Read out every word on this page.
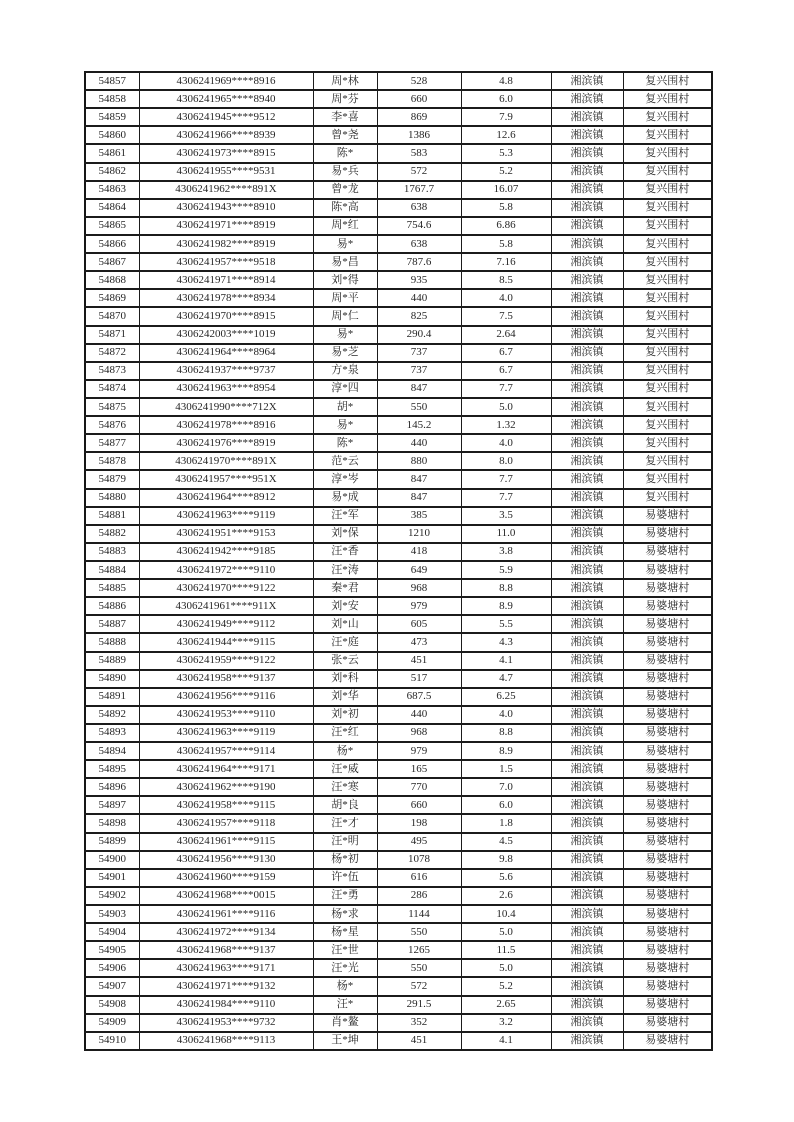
54857	4306241969****8916	周*林	528	4.8	湘滨镇	复兴围村
54858	4306241965****8940	周*芬	660	6.0	湘滨镇	复兴围村
54859	4306241945****9512	李*喜	869	7.9	湘滨镇	复兴围村
54860	4306241966****8939	曾*尧	1386	12.6	湘滨镇	复兴围村
54861	4306241973****8915	陈*	583	5.3	湘滨镇	复兴围村
54862	4306241955****9531	易*兵	572	5.2	湘滨镇	复兴围村
54863	4306241962****891X	曾*龙	1767.7	16.07	湘滨镇	复兴围村
54864	4306241943****8910	陈*高	638	5.8	湘滨镇	复兴围村
54865	4306241971****8919	周*红	754.6	6.86	湘滨镇	复兴围村
54866	4306241982****8919	易*	638	5.8	湘滨镇	复兴围村
54867	4306241957****9518	易*昌	787.6	7.16	湘滨镇	复兴围村
54868	4306241971****8914	刘*得	935	8.5	湘滨镇	复兴围村
54869	4306241978****8934	周*平	440	4.0	湘滨镇	复兴围村
54870	4306241970****8915	周*仁	825	7.5	湘滨镇	复兴围村
54871	4306242003****1019	易*	290.4	2.64	湘滨镇	复兴围村
54872	4306241964****8964	易*芝	737	6.7	湘滨镇	复兴围村
54873	4306241937****9737	方*泉	737	6.7	湘滨镇	复兴围村
54874	4306241963****8954	淳*四	847	7.7	湘滨镇	复兴围村
54875	4306241990****712X	胡*	550	5.0	湘滨镇	复兴围村
54876	4306241978****8916	易*	145.2	1.32	湘滨镇	复兴围村
54877	4306241976****8919	陈*	440	4.0	湘滨镇	复兴围村
54878	4306241970****891X	范*云	880	8.0	湘滨镇	复兴围村
54879	4306241957****951X	淳*岑	847	7.7	湘滨镇	复兴围村
54880	4306241964****8912	易*成	847	7.7	湘滨镇	复兴围村
54881	4306241963****9119	汪*军	385	3.5	湘滨镇	易婆塘村
54882	4306241951****9153	刘*保	1210	11.0	湘滨镇	易婆塘村
54883	4306241942****9185	汪*香	418	3.8	湘滨镇	易婆塘村
54884	4306241972****9110	汪*涛	649	5.9	湘滨镇	易婆塘村
54885	4306241970****9122	秦*君	968	8.8	湘滨镇	易婆塘村
54886	4306241961****911X	刘*安	979	8.9	湘滨镇	易婆塘村
54887	4306241949****9112	刘*山	605	5.5	湘滨镇	易婆塘村
54888	4306241944****9115	汪*庭	473	4.3	湘滨镇	易婆塘村
54889	4306241959****9122	张*云	451	4.1	湘滨镇	易婆塘村
54890	4306241958****9137	刘*科	517	4.7	湘滨镇	易婆塘村
54891	4306241956****9116	刘*华	687.5	6.25	湘滨镇	易婆塘村
54892	4306241953****9110	刘*初	440	4.0	湘滨镇	易婆塘村
54893	4306241963****9119	汪*红	968	8.8	湘滨镇	易婆塘村
54894	4306241957****9114	杨*	979	8.9	湘滨镇	易婆塘村
54895	4306241964****9171	汪*威	165	1.5	湘滨镇	易婆塘村
54896	4306241962****9190	汪*寒	770	7.0	湘滨镇	易婆塘村
54897	4306241958****9115	胡*良	660	6.0	湘滨镇	易婆塘村
54898	4306241957****9118	汪*才	198	1.8	湘滨镇	易婆塘村
54899	4306241961****9115	汪*明	495	4.5	湘滨镇	易婆塘村
54900	4306241956****9130	杨*初	1078	9.8	湘滨镇	易婆塘村
54901	4306241960****9159	许*伍	616	5.6	湘滨镇	易婆塘村
54902	4306241968****0015	汪*勇	286	2.6	湘滨镇	易婆塘村
54903	4306241961****9116	杨*求	1144	10.4	湘滨镇	易婆塘村
54904	4306241972****9134	杨*星	550	5.0	湘滨镇	易婆塘村
54905	4306241968****9137	汪*世	1265	11.5	湘滨镇	易婆塘村
54906	4306241963****9171	汪*光	550	5.0	湘滨镇	易婆塘村
54907	4306241971****9132	杨*	572	5.2	湘滨镇	易婆塘村
54908	4306241984****9110	汪*	291.5	2.65	湘滨镇	易婆塘村
54909	4306241953****9732	肖*鳌	352	3.2	湘滨镇	易婆塘村
54910	4306241968****9113	王*坤	451	4.1	湘滨镇	易婆塘村
